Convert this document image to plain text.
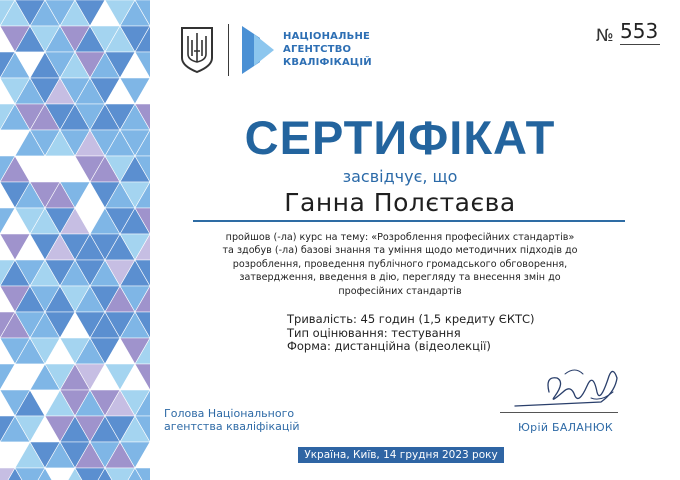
НАЦІОНАЛЬНЕ
АГЕНТСТВО
КВАЛІФІКАЦІЙ
№ 553
СЕРТИФІКАТ
засвідчує, що
Ганна Полєтаєва
пройшов (-ла) курс на тему: «Розроблення професійних стандартів»
та здобув (-ла) базові знання та уміння щодо методичних підходів до
розроблення, проведення публічного громадського обговорення,
затвердження, введення в дію, перегляду та внесення змін до
професійних стандартів
Тривалість: 45 годин (1,5 кредиту ЄКТС)
Тип оцінювання: тестування
Форма: дистанційна (відеолекції)
Голова Національного
агентства кваліфікацій	Юрій БАЛАНЮК
Україна, Київ, 14 грудня 2023 року
